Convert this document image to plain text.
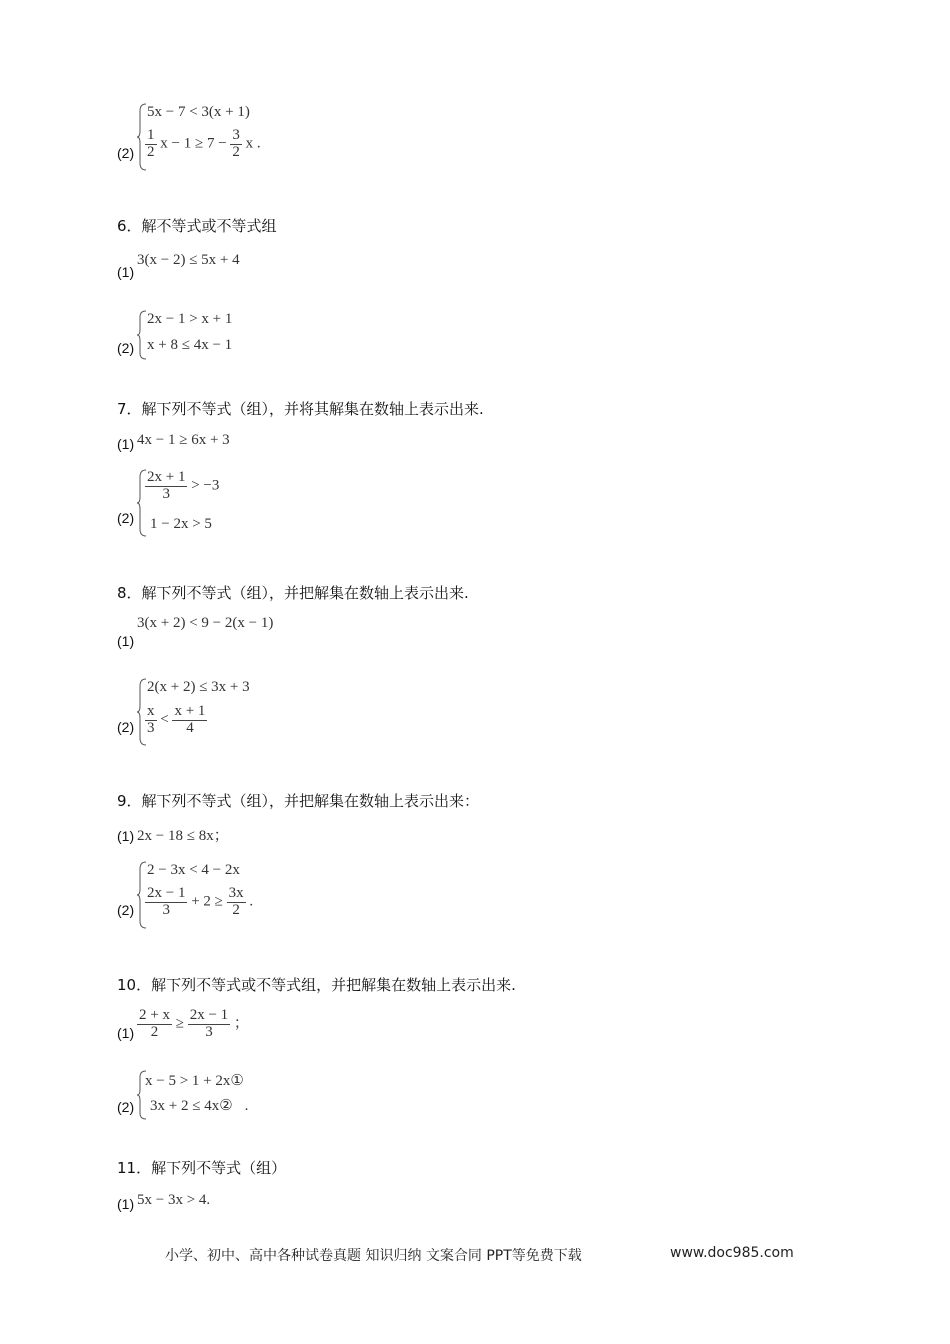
(2)
5x − 7 < 3(x + 1)
$\frac{1}{2}$ $x - 1 \ge 7 - \frac{3}{2}$ x .
6．解不等式或不等式组
(1)
3(x − 2) ≤ 5x + 4
(2)
2x − 1 > x + 1
x + 8 ≤ 4x − 1
7．解下列不等式（组），并将其解集在数轴上表示出来.
(1) 4x − 1 ≥ 6x + 3
(2)
$\frac{2x + 1}{3} > -3$
1 − 2x > 5
8．解下列不等式（组），并把解集在数轴上表示出来.
(1)
3(x + 2) < 9 − 2(x − 1)
(2)
2(x + 2) ≤ 3x + 3
$\frac{x}{3} < \frac{x + 1}{4}$
9．解下列不等式（组），并把解集在数轴上表示出来：
(1) 2x − 18 ≤ 8x；
(2)
2 − 3x < 4 − 2x
$\frac{2x - 1}{3} + 2 \ge \frac{3x}{2}$ .
10．解下列不等式或不等式组，并把解集在数轴上表示出来.
$(1) \frac{2 + x}{2} \ge \frac{2x - 1}{3}$ ；
(2)
x − 5 > 1 + 2x①
3x + 2 ≤ 4x② .
11．解下列不等式（组）
(1) 5x − 3x > 4.
小学、初中、高中各种试卷真题 知识归纳 文案合同 PPT等免费下载	www.doc985.com
